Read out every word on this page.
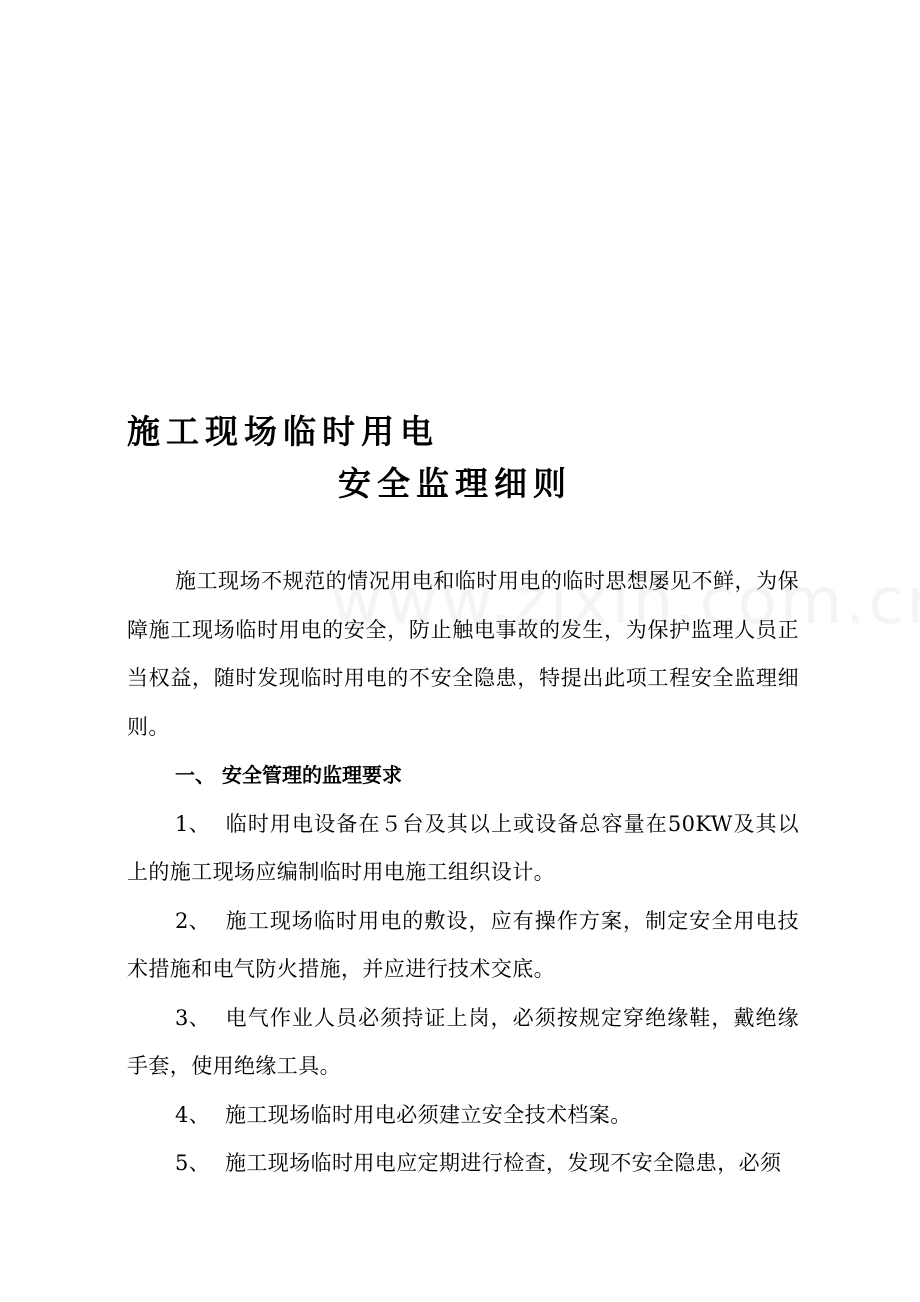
施工现场临时用电
安全监理细则

施工现场不规范的情况用电和临时用电的临时思想屡见不鲜，为保障施工现场临时用电的安全，防止触电事故的发生，为保护监理人员正当权益，随时发现临时用电的不安全隐患，特提出此项工程安全监理细则。

一、 安全管理的监理要求

1、 临时用电设备在５台及其以上或设备总容量在50KW及其以上的施工现场应编制临时用电施工组织设计。

2、 施工现场临时用电的敷设，应有操作方案，制定安全用电技术措施和电气防火措施，并应进行技术交底。

3、 电气作业人员必须持证上岗，必须按规定穿绝缘鞋，戴绝缘手套，使用绝缘工具。

4、 施工现场临时用电必须建立安全技术档案。

5、 施工现场临时用电应定期进行检查，发现不安全隐患，必须
